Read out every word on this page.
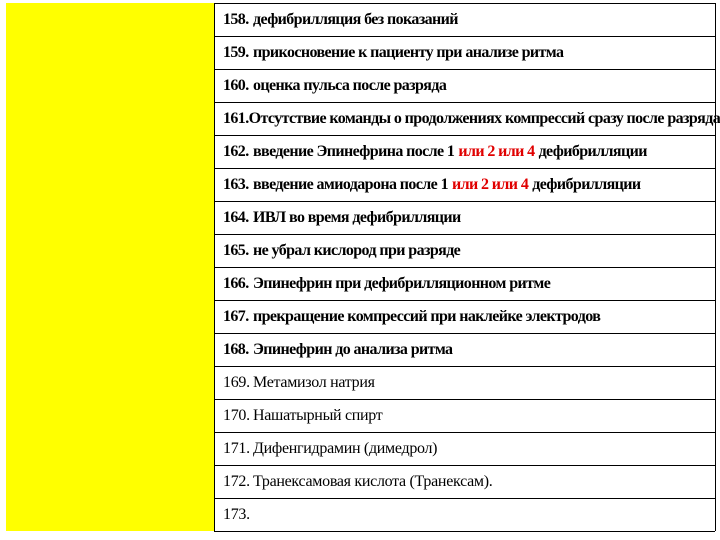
158. дефибрилляция без показаний
159. прикосновение к пациенту при анализе ритма
160. оценка пульса после разряда
161. Отсутствие команды о продолжениях компрессий сразу после разряда
162. введение Эпинефрина после 1 или 2 или 4 дефибрилляции
163. введение амиодарона после 1 или 2 или 4 дефибрилляции
164. ИВЛ во время дефибрилляции
165. не убрал кислород при разряде
166. Эпинефрин при дефибрилляционном ритме
167. прекращение компрессий при наклейке электродов
168. Эпинефрин до анализа ритма
169. Метамизол натрия
170. Нашатырный спирт
171. Дифенгидрамин (димедрол)
172. Транексамовая кислота (Транексам).
173.
